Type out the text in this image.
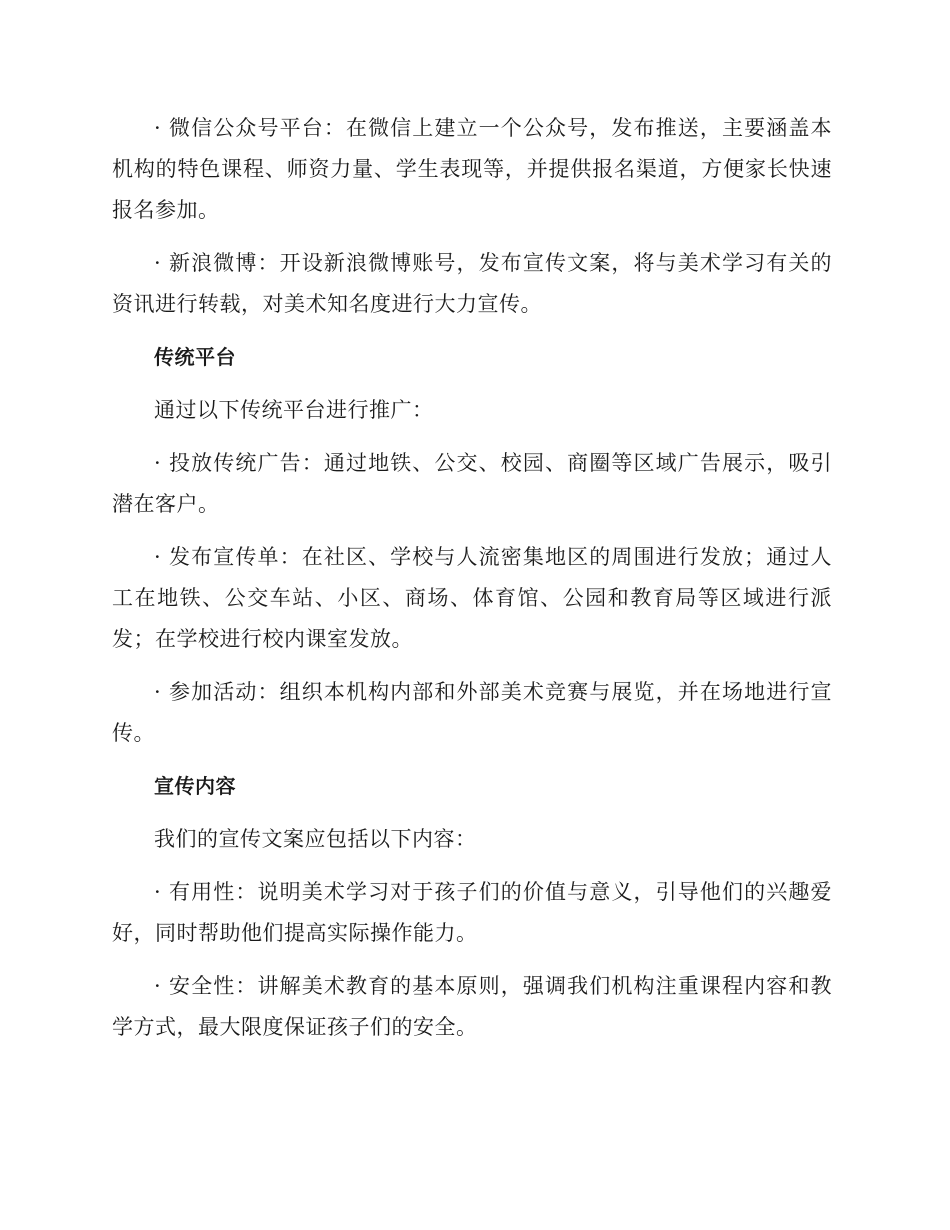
· 微信公众号平台：在微信上建立一个公众号，发布推送，主要涵盖本机构的特色课程、师资力量、学生表现等，并提供报名渠道，方便家长快速报名参加。

· 新浪微博：开设新浪微博账号，发布宣传文案，将与美术学习有关的资讯进行转载，对美术知名度进行大力宣传。

传统平台

通过以下传统平台进行推广：

· 投放传统广告：通过地铁、公交、校园、商圈等区域广告展示，吸引潜在客户。

· 发布宣传单：在社区、学校与人流密集地区的周围进行发放；通过人工在地铁、公交车站、小区、商场、体育馆、公园和教育局等区域进行派发；在学校进行校内课室发放。

· 参加活动：组织本机构内部和外部美术竞赛与展览，并在场地进行宣传。

宣传内容

我们的宣传文案应包括以下内容：

· 有用性：说明美术学习对于孩子们的价值与意义，引导他们的兴趣爱好，同时帮助他们提高实际操作能力。

· 安全性：讲解美术教育的基本原则，强调我们机构注重课程内容和教学方式，最大限度保证孩子们的安全。
